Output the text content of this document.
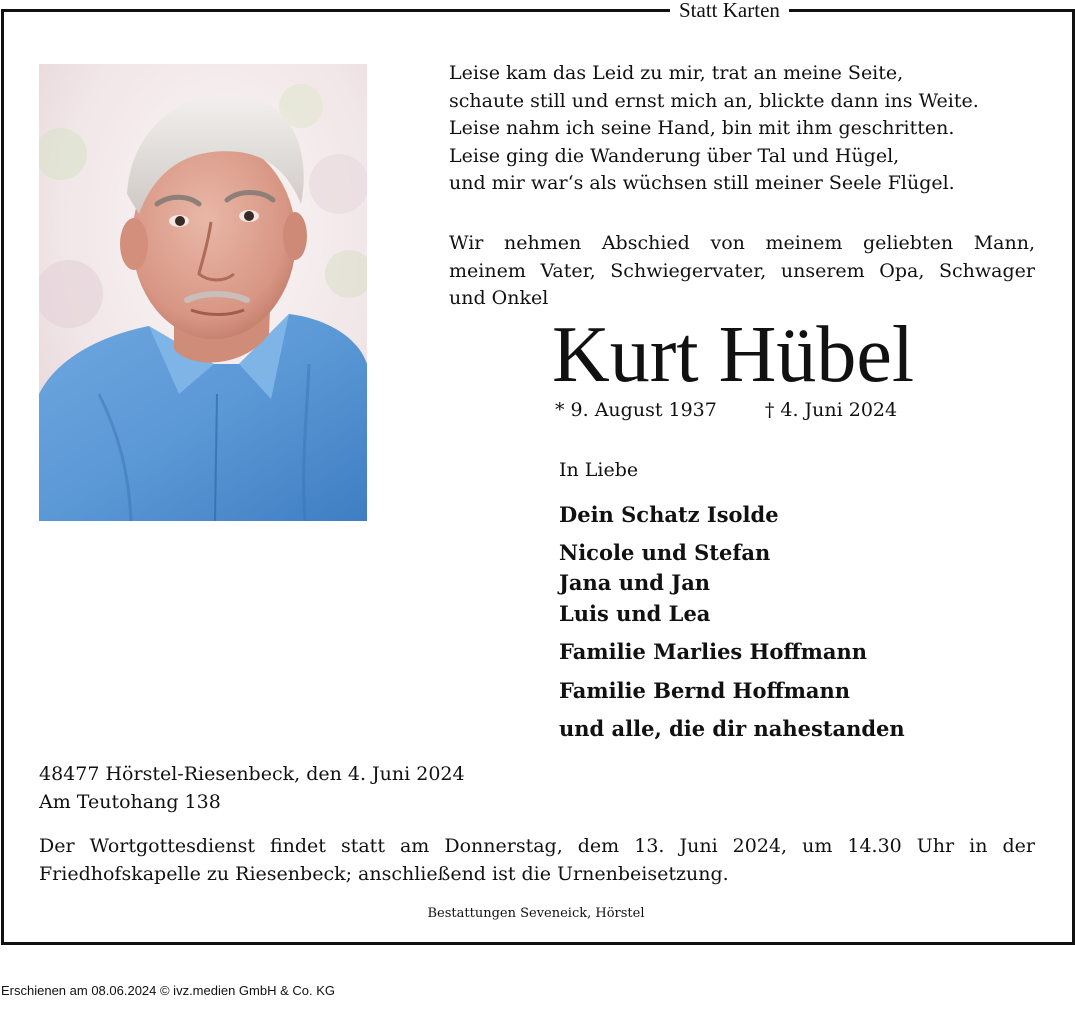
Statt Karten

Leise kam das Leid zu mir, trat an meine Seite,

schaute still und ernst mich an, blickte dann ins Weite.

Leise nahm ich seine Hand, bin mit ihm geschritten.

Leise ging die Wanderung über Tal und Hügel,

und mir war‘s als wüchsen still meiner Seele Flügel.

Wir nehmen Abschied von meinem geliebten Mann,

meinem Vater, Schwiegervater, unserem Opa, Schwager

und Onkel

Kurt Hübel
* 9. August 1937	† 4. Juni 2024
In Liebe
Dein Schatz Isolde
Nicole und Stefan
Jana und Jan
Luis und Lea
Familie Marlies Hoffmann
Familie Bernd Hoffmann
und alle, die dir nahestanden

48477 Hörstel-Riesenbeck, den 4. Juni 2024

Am Teutohang 138

Der Wortgottesdienst findet statt am Donnerstag, dem 13. Juni 2024, um 14.30 Uhr in der

Friedhofskapelle zu Riesenbeck; anschließend ist die Urnenbeisetzung.

Bestattungen Seveneick, Hörstel
Erschienen am 08.06.2024 © ivz.medien GmbH & Co. KG
